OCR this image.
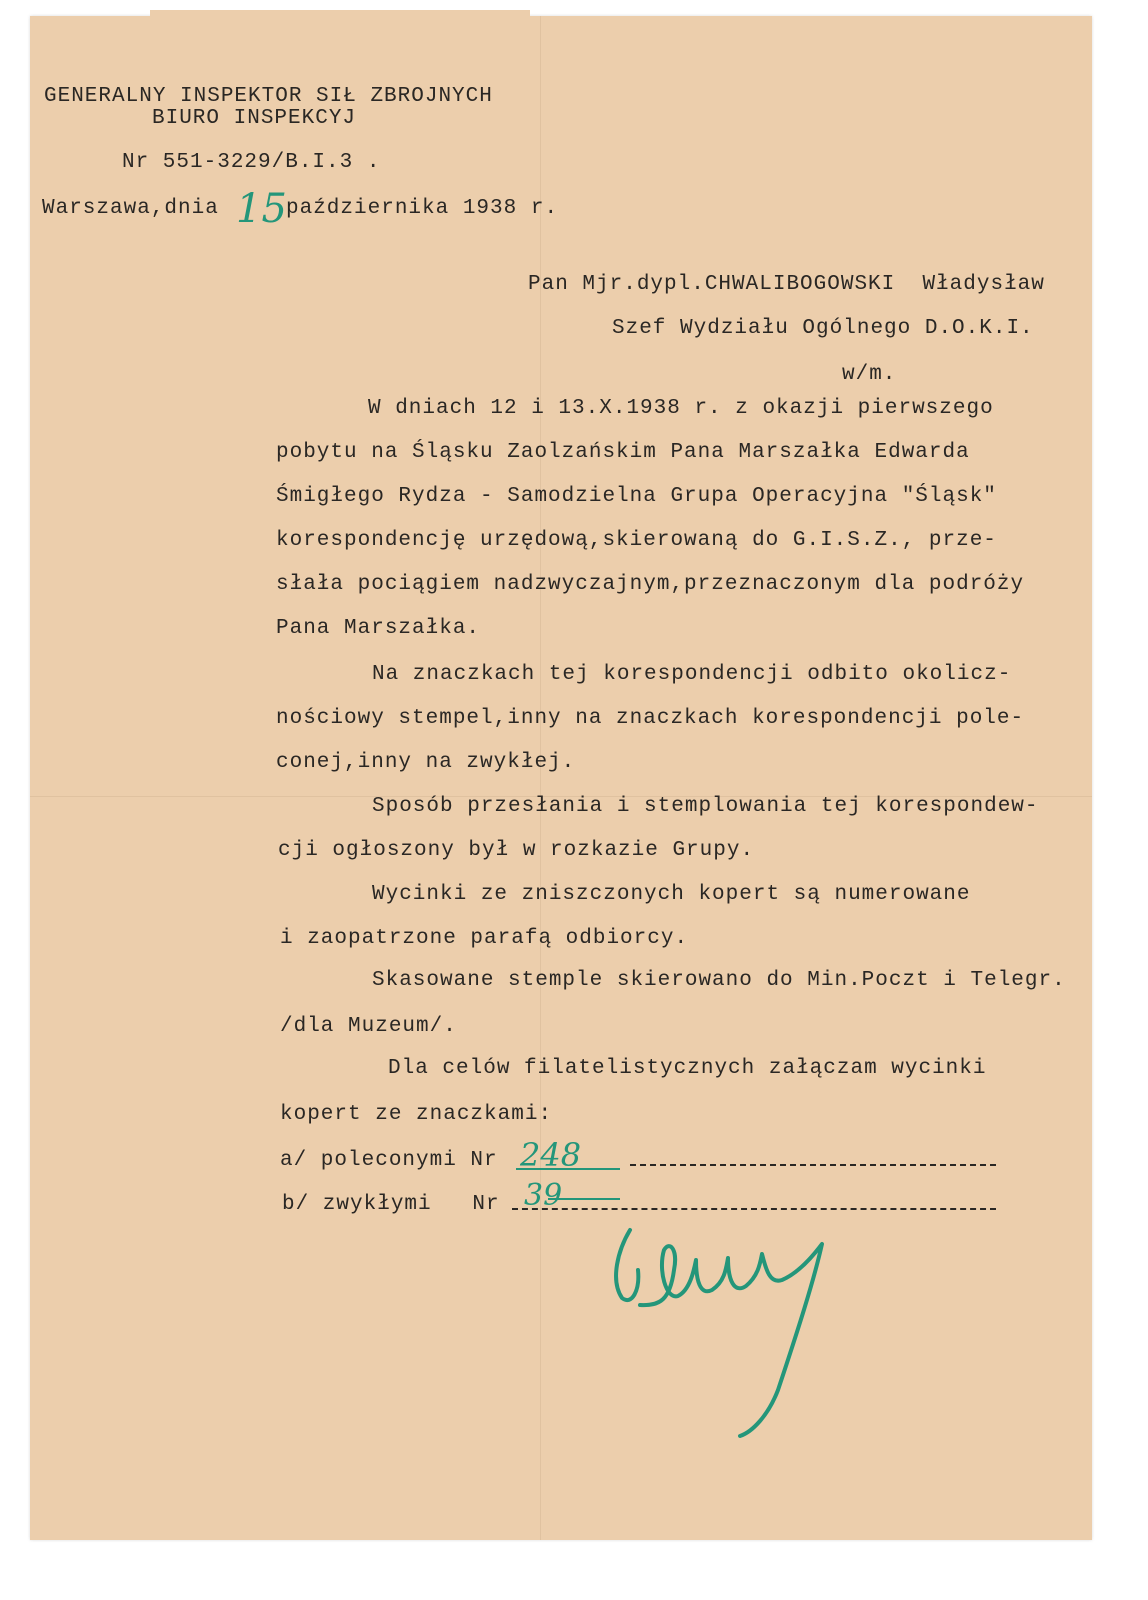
GENERALNY INSPEKTOR SIŁ ZBROJNYCH
BIURO INSPEKCYJ
Nr 551-3229/B.I.3 .
Warszawa,dnia 15 października 1938 r.
Pan Mjr.dypl.CHWALIBOGOWSKI  Władysław
Szef Wydziału Ogólnego D.O.K.I.
w/m.
W dniach 12 i 13.X.1938 r. z okazji pierwszego
pobytu na Śląsku Zaolzańskim Pana Marszałka Edwarda
Śmigłego Rydza - Samodzielna Grupa Operacyjna "Śląsk"
korespondencję urzędową,skierowaną do G.I.S.Z., prze-
słała pociągiem nadzwyczajnym,przeznaczonym dla podróży
Pana Marszałka.
Na znaczkach tej korespondencji odbito okolicz-
nościowy stempel,inny na znaczkach korespondencji pole-
conej,inny na zwykłej.
Sposób przesłania i stemplowania tej korespondew-
cji ogłoszony był w rozkazie Grupy.
Wycinki ze zniszczonych kopert są numerowane
i zaopatrzone parafą odbiorcy.
Skasowane stemple skierowano do Min.Poczt i Telegr.
/dla Muzeum/.
Dla celów filatelistycznych załączam wycinki
kopert ze znaczkami:
a/ poleconymi Nr 248
b/ zwykłymi   Nr 39
